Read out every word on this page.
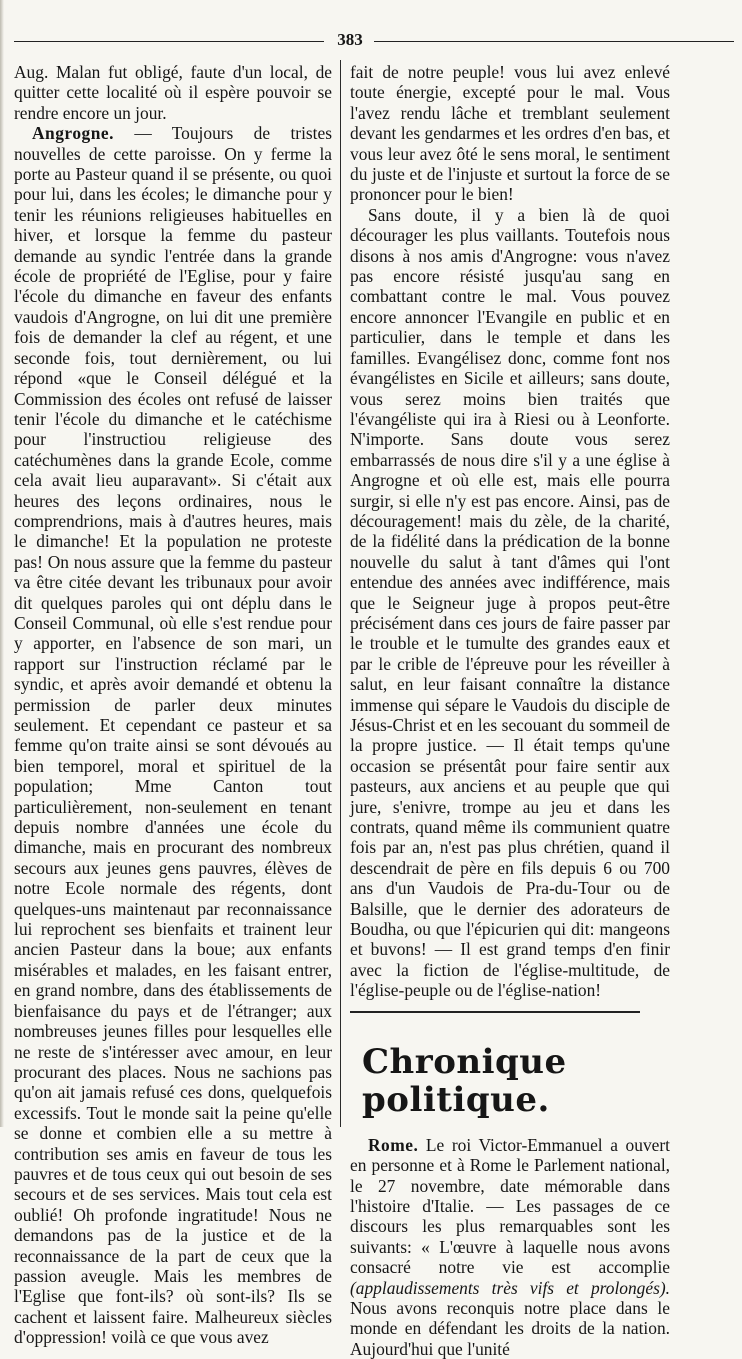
383

Aug. Malan fut obligé, faute d'un local, de quitter cette localité où il espère pouvoir se rendre encore un jour.

Angrogne. — Toujours de tristes nouvelles de cette paroisse. On y ferme la porte au Pasteur quand il se présente, ou quoi pour lui, dans les écoles; le dimanche pour y tenir les réunions religieuses habituelles en hiver, et lorsque la femme du pasteur demande au syndic l'entrée dans la grande école de propriété de l'Eglise, pour y faire l'école du dimanche en faveur des enfants vaudois d'Angrogne, on lui dit une première fois de demander la clef au régent, et une seconde fois, tout dernièrement, ou lui répond «que le Conseil délégué et la Commission des écoles ont refusé de laisser tenir l'école du dimanche et le catéchisme pour l'instructiou religieuse des catéchumènes dans la grande Ecole, comme cela avait lieu auparavant». Si c'était aux heures des leçons ordinaires, nous le comprendrions, mais à d'autres heures, mais le dimanche! Et la population ne proteste pas! On nous assure que la femme du pasteur va être citée devant les tribunaux pour avoir dit quelques paroles qui ont déplu dans le Conseil Communal, où elle s'est rendue pour y apporter, en l'absence de son mari, un rapport sur l'instruction réclamé par le syndic, et après avoir demandé et obtenu la permission de parler deux minutes seulement. Et cependant ce pasteur et sa femme qu'on traite ainsi se sont dévoués au bien temporel, moral et spirituel de la population; Mme Canton tout particulièrement, non-seulement en tenant depuis nombre d'années une école du dimanche, mais en procurant des nombreux secours aux jeunes gens pauvres, élèves de notre Ecole normale des régents, dont quelques-uns maintenaut par reconnaissance lui reprochent ses bienfaits et trainent leur ancien Pasteur dans la boue; aux enfants misérables et malades, en les faisant entrer, en grand nombre, dans des établissements de bienfaisance du pays et de l'étranger; aux nombreuses jeunes filles pour lesquelles elle ne reste de s'intéresser avec amour, en leur procurant des places. Nous ne sachions pas qu'on ait jamais refusé ces dons, quelquefois excessifs. Tout le monde sait la peine qu'elle se donne et combien elle a su mettre à contribution ses amis en faveur de tous les pauvres et de tous ceux qui out besoin de ses secours et de ses services. Mais tout cela est oublié! Oh profonde ingratitude! Nous ne demandons pas de la justice et de la reconnaissance de la part de ceux que la passion aveugle. Mais les membres de l'Eglise que font-ils? où sont-ils? Ils se cachent et laissent faire. Malheureux siècles d'oppression! voilà ce que vous avez

fait de notre peuple! vous lui avez enlevé toute énergie, excepté pour le mal. Vous l'avez rendu lâche et tremblant seulement devant les gendarmes et les ordres d'en bas, et vous leur avez ôté le sens moral, le sentiment du juste et de l'injuste et surtout la force de se prononcer pour le bien!

Sans doute, il y a bien là de quoi décourager les plus vaillants. Toutefois nous disons à nos amis d'Angrogne: vous n'avez pas encore résisté jusqu'au sang en combattant contre le mal. Vous pouvez encore annoncer l'Evangile en public et en particulier, dans le temple et dans les familles. Evangélisez donc, comme font nos évangélistes en Sicile et ailleurs; sans doute, vous serez moins bien traités que l'évangéliste qui ira à Riesi ou à Leonforte. N'importe. Sans doute vous serez embarrassés de nous dire s'il y a une église à Angrogne et où elle est, mais elle pourra surgir, si elle n'y est pas encore. Ainsi, pas de découragement! mais du zèle, de la charité, de la fidélité dans la prédication de la bonne nouvelle du salut à tant d'âmes qui l'ont entendue des années avec indifférence, mais que le Seigneur juge à propos peut-être précisément dans ces jours de faire passer par le trouble et le tumulte des grandes eaux et par le crible de l'épreuve pour les réveiller à salut, en leur faisant connaître la distance immense qui sépare le Vaudois du disciple de Jésus-Christ et en les secouant du sommeil de la propre justice. — Il était temps qu'une occasion se présentât pour faire sentir aux pasteurs, aux anciens et au peuple que qui jure, s'enivre, trompe au jeu et dans les contrats, quand même ils communient quatre fois par an, n'est pas plus chrétien, quand il descendrait de père en fils depuis 6 ou 700 ans d'un Vaudois de Pra-du-Tour ou de Balsille, que le dernier des adorateurs de Boudha, ou que l'épicurien qui dit: mangeons et buvons! — Il est grand temps d'en finir avec la fiction de l'église-multitude, de l'église-peuple ou de l'église-nation!

Chronique politique.

Rome. Le roi Victor-Emmanuel a ouvert en personne et à Rome le Parlement national, le 27 novembre, date mémorable dans l'histoire d'Italie. — Les passages de ce discours les plus remarquables sont les suivants: « L'œuvre à laquelle nous avons consacré notre vie est accomplie (applaudissements très vifs et prolongés). Nous avons reconquis notre place dans le monde en défendant les droits de la nation. Aujourd'hui que l'unité
